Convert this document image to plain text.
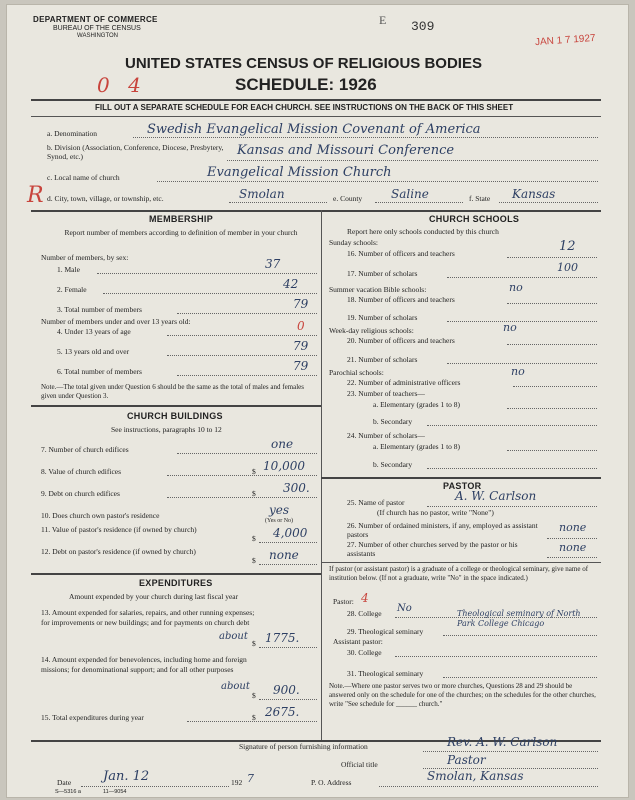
DEPARTMENT OF COMMERCE
BUREAU OF THE CENSUS
WASHINGTON
E 309
JAN 1 7 1927
UNITED STATES CENSUS OF RELIGIOUS BODIES
SCHEDULE: 1926
0 4
FILL OUT A SEPARATE SCHEDULE FOR EACH CHURCH. SEE INSTRUCTIONS ON THE BACK OF THIS SHEET
R
a. Denomination	Swedish Evangelical Mission Covenant of America
b. Division (Association, Conference, Diocese, Presbytery, Synod, etc.)	Kansas and Missouri Conference
c. Local name of church	Evangelical Mission Church
d. City, town, village, or township, etc.	Smolan	e. County Saline	f. State Kansas
MEMBERSHIP
Report number of members according to definition of member in your church
Number of members, by sex:
1. Male	37
2. Female	42
3. Total number of members	79
Number of members under and over 13 years old:
4. Under 13 years of age	0
5. 13 years old and over	79
6. Total number of members	79
Note.—The total given under Question 6 should be the same as the total of males and females given under Question 3.
CHURCH BUILDINGS
See instructions, paragraphs 10 to 12
7. Number of church edifices	one
8. Value of church edifices	$ 10,000
9. Debt on church edifices	$ 300.
10. Does church own pastor's residence	yes
(Yes or No)
11. Value of pastor's residence (if owned by church)
$ 4,000
12. Debt on pastor's residence (if owned by church)
$ none
EXPENDITURES
Amount expended by your church during last fiscal year
13. Amount expended for salaries, repairs, and other running expenses; for improvements or new buildings; and for payments on church debt
about
$ 1775.
14. Amount expended for benevolences, including home and foreign missions; for denominational support; and for all other purposes
about
$ 900.
15. Total expenditures during year	$ 2675.
CHURCH SCHOOLS
Report here only schools conducted by this church
Sunday schools:
16. Number of officers and teachers	12
17. Number of scholars	100
Summer vacation Bible schools:	no
18. Number of officers and teachers
19. Number of scholars
Week-day religious schools:	no
20. Number of officers and teachers
21. Number of scholars
Parochial schools:	no
22. Number of administrative officers
23. Number of teachers—
a. Elementary (grades 1 to 8)
b. Secondary
24. Number of scholars—
a. Elementary (grades 1 to 8)
b. Secondary
PASTOR
25. Name of pastor	A. W. Carlson
(If church has no pastor, write "None")
26. Number of ordained ministers, if any, employed as assistant pastors
none
27. Number of other churches served by the pastor or his assistants	none
If pastor (or assistant pastor) is a graduate of a college or theological seminary, give name of institution below. (If not a graduate, write "No" in the space indicated.)
Pastor: 4
28. College No
29. Theological seminary
Theological seminary of North Park College Chicago
Assistant pastor:
30. College
31. Theological seminary
Note.—Where one pastor serves two or more churches, Questions 28 and 29 should be answered only on the schedule for one of the churches; on the schedules for the other churches, write "See schedule for ______ church."
Signature of person furnishing information	Rev. A. W. Carlson
Official title	Pastor
Date Jan. 12	192 7	P. O. Address	Smolan, Kansas
S—5316 a	11—9054
